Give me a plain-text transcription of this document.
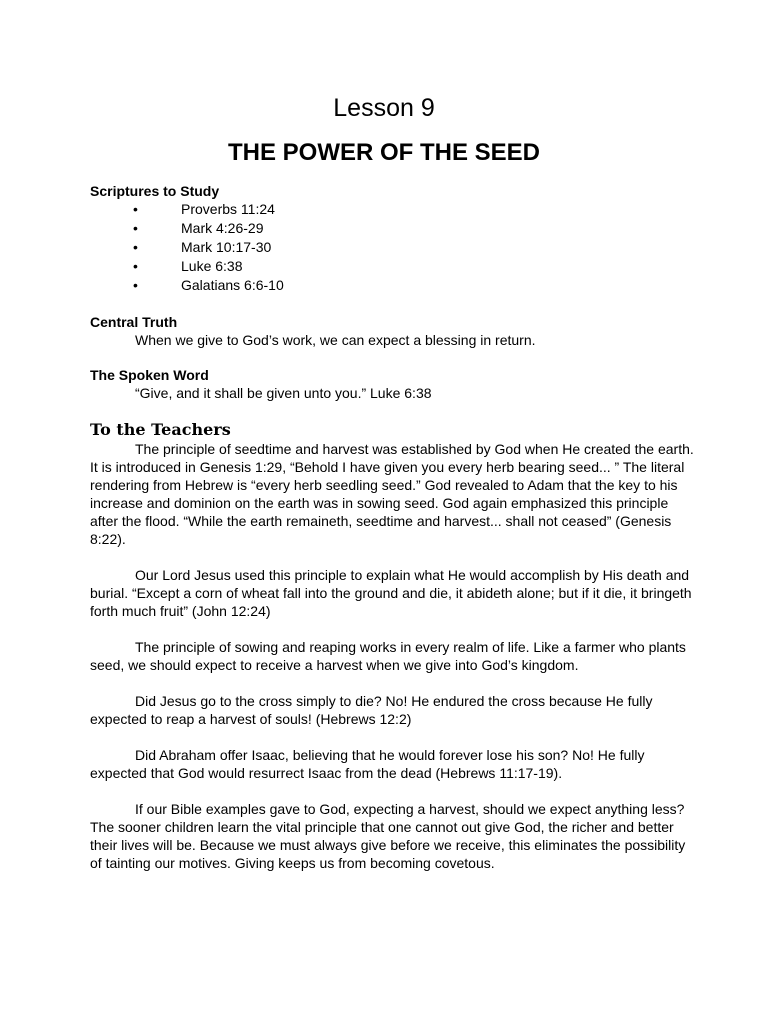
Lesson 9
THE POWER OF THE SEED
Scriptures to Study
•	Proverbs 11:24
•	Mark 4:26-29
•	Mark 10:17-30
•	Luke 6:38
•	Galatians 6:6-10
Central Truth
When we give to God’s work, we can expect a blessing in return.
The Spoken Word
“Give, and it shall be given unto you.” Luke 6:38
To the Teachers

The principle of seedtime and harvest was established by God when He created the earth. It is introduced in Genesis 1:29, “Behold I have given you every herb bearing seed... ” The literal rendering from Hebrew is “every herb seedling seed.” God revealed to Adam that the key to his increase and dominion on the earth was in sowing seed. God again emphasized this principle after the flood. “While the earth remaineth, seedtime and harvest... shall not ceased” (Genesis 8:22).

Our Lord Jesus used this principle to explain what He would accomplish by His death and burial. “Except a corn of wheat fall into the ground and die, it abideth alone; but if it die, it bringeth forth much fruit” (John 12:24)

The principle of sowing and reaping works in every realm of life. Like a farmer who plants seed, we should expect to receive a harvest when we give into God’s kingdom.

Did Jesus go to the cross simply to die? No! He endured the cross because He fully expected to reap a harvest of souls! (Hebrews 12:2)

Did Abraham offer Isaac, believing that he would forever lose his son? No! He fully expected that God would resurrect Isaac from the dead (Hebrews 11:17-19).

If our Bible examples gave to God, expecting a harvest, should we expect anything less? The sooner children learn the vital principle that one cannot out give God, the richer and better their lives will be. Because we must always give before we receive, this eliminates the possibility of tainting our motives. Giving keeps us from becoming covetous.
